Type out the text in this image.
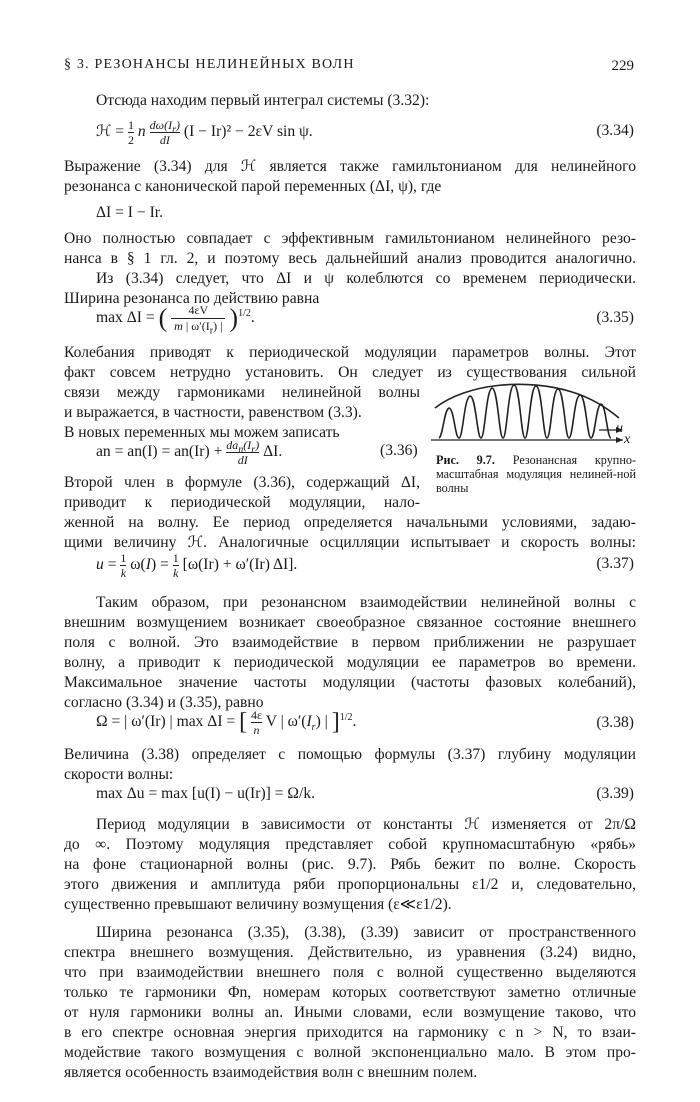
§ 3. РЕЗОНАНСЫ НЕЛИНЕЙНЫХ ВОЛН	229
Отсюда находим первый интеграл системы (3.32):
ℋ = 1

2 n $\frac{d\omega(I_r)}{dI} (I - Ir)^2 - 2\varepsilon V$ sin ψ.	(3.34)
Выражение (3.34) для ℋ является также гамильтонианом для нелинейного
резонанса с канонической парой переменных (ΔI, ψ), где
ΔI = I − Ir.
Оно полностью совпадает с эффективным гамильтонианом нелинейного резо-
нанса в § 1 гл. 2, и поэтому весь дальнейший анализ проводится аналогично.
Из (3.34) следует, что ΔI и ψ колеблются со временем периодически.
Ширина резонанса по действию равна
max ΔI = ( 4εV

m | $\omega'(I_r)$ | )$^{1/2}$.	(3.35)
Колебания приводят к периодической модуляции параметров волны. Этот
факт совсем нетрудно установить. Он следует из существования сильной
связи между гармониками нелинейной волны
и выражается, в частности, равенством (3.3).
В новых переменных мы можем записать
an = $an(I) = an(Ir) + da_n(I_r)$

dI ΔI.	(3.36)
u
x
Рис. 9.7. Резонансная крупно-масштабная модуляция нелиней-ной волны
Второй член в формуле (3.36), содержащий ΔI,
приводит к периодической модуляции, нало-
женной на волну. Ее период определяется начальными условиями, задаю-
щими величину ℋ. Аналогичные осцилляции испытывает и скорость волны:
u = 1

k ω(I) = 1

k [ω(Ir) + ω′(Ir) ΔI].	(3.37)
Таким образом, при резонансном взаимодействии нелинейной волны с
внешним возмущением возникает своеобразное связанное состояние внешнего
поля с волной. Это взаимодействие в первом приближении не разрушает
волну, а приводит к периодической модуляции ее параметров во времени.
Максимальное значение частоты модуляции (частоты фазовых колебаний),
согласно (3.34) и (3.35), равно
Ω = | ω′(Ir) | max ΔI = [ 4ε

n V | $\omega'(I_r)$ | ]$^{1/2}$.	(3.38)
Величина (3.38) определяет с помощью формулы (3.37) глубину модуляции
скорости волны:
max Δu = max [u(I) − u(Ir)] = Ω/k.	(3.39)
Период модуляции в зависимости от константы ℋ изменяется от 2π/Ω
до ∞. Поэтому модуляция представляет собой крупномасштабную «рябь»
на фоне стационарной волны (рис. 9.7). Рябь бежит по волне. Скорость
этого движения и амплитуда ряби пропорциональны ε1/2 и, следовательно,
существенно превышают величину возмущения (ε≪ε1/2).
Ширина резонанса (3.35), (3.38), (3.39) зависит от пространственного
спектра внешнего возмущения. Действительно, из уравнения (3.24) видно,
что при взаимодействии внешнего поля с волной существенно выделяются
только те гармоники Φn, номерам которых соответствуют заметно отличные
от нуля гармоники волны an. Иными словами, если возмущение таково, что
в его спектре основная энергия приходится на гармонику с n > N, то взаи-
модействие такого возмущения с волной экспоненциально мало. В этом про-
является особенность взаимодействия волн с внешним полем.
